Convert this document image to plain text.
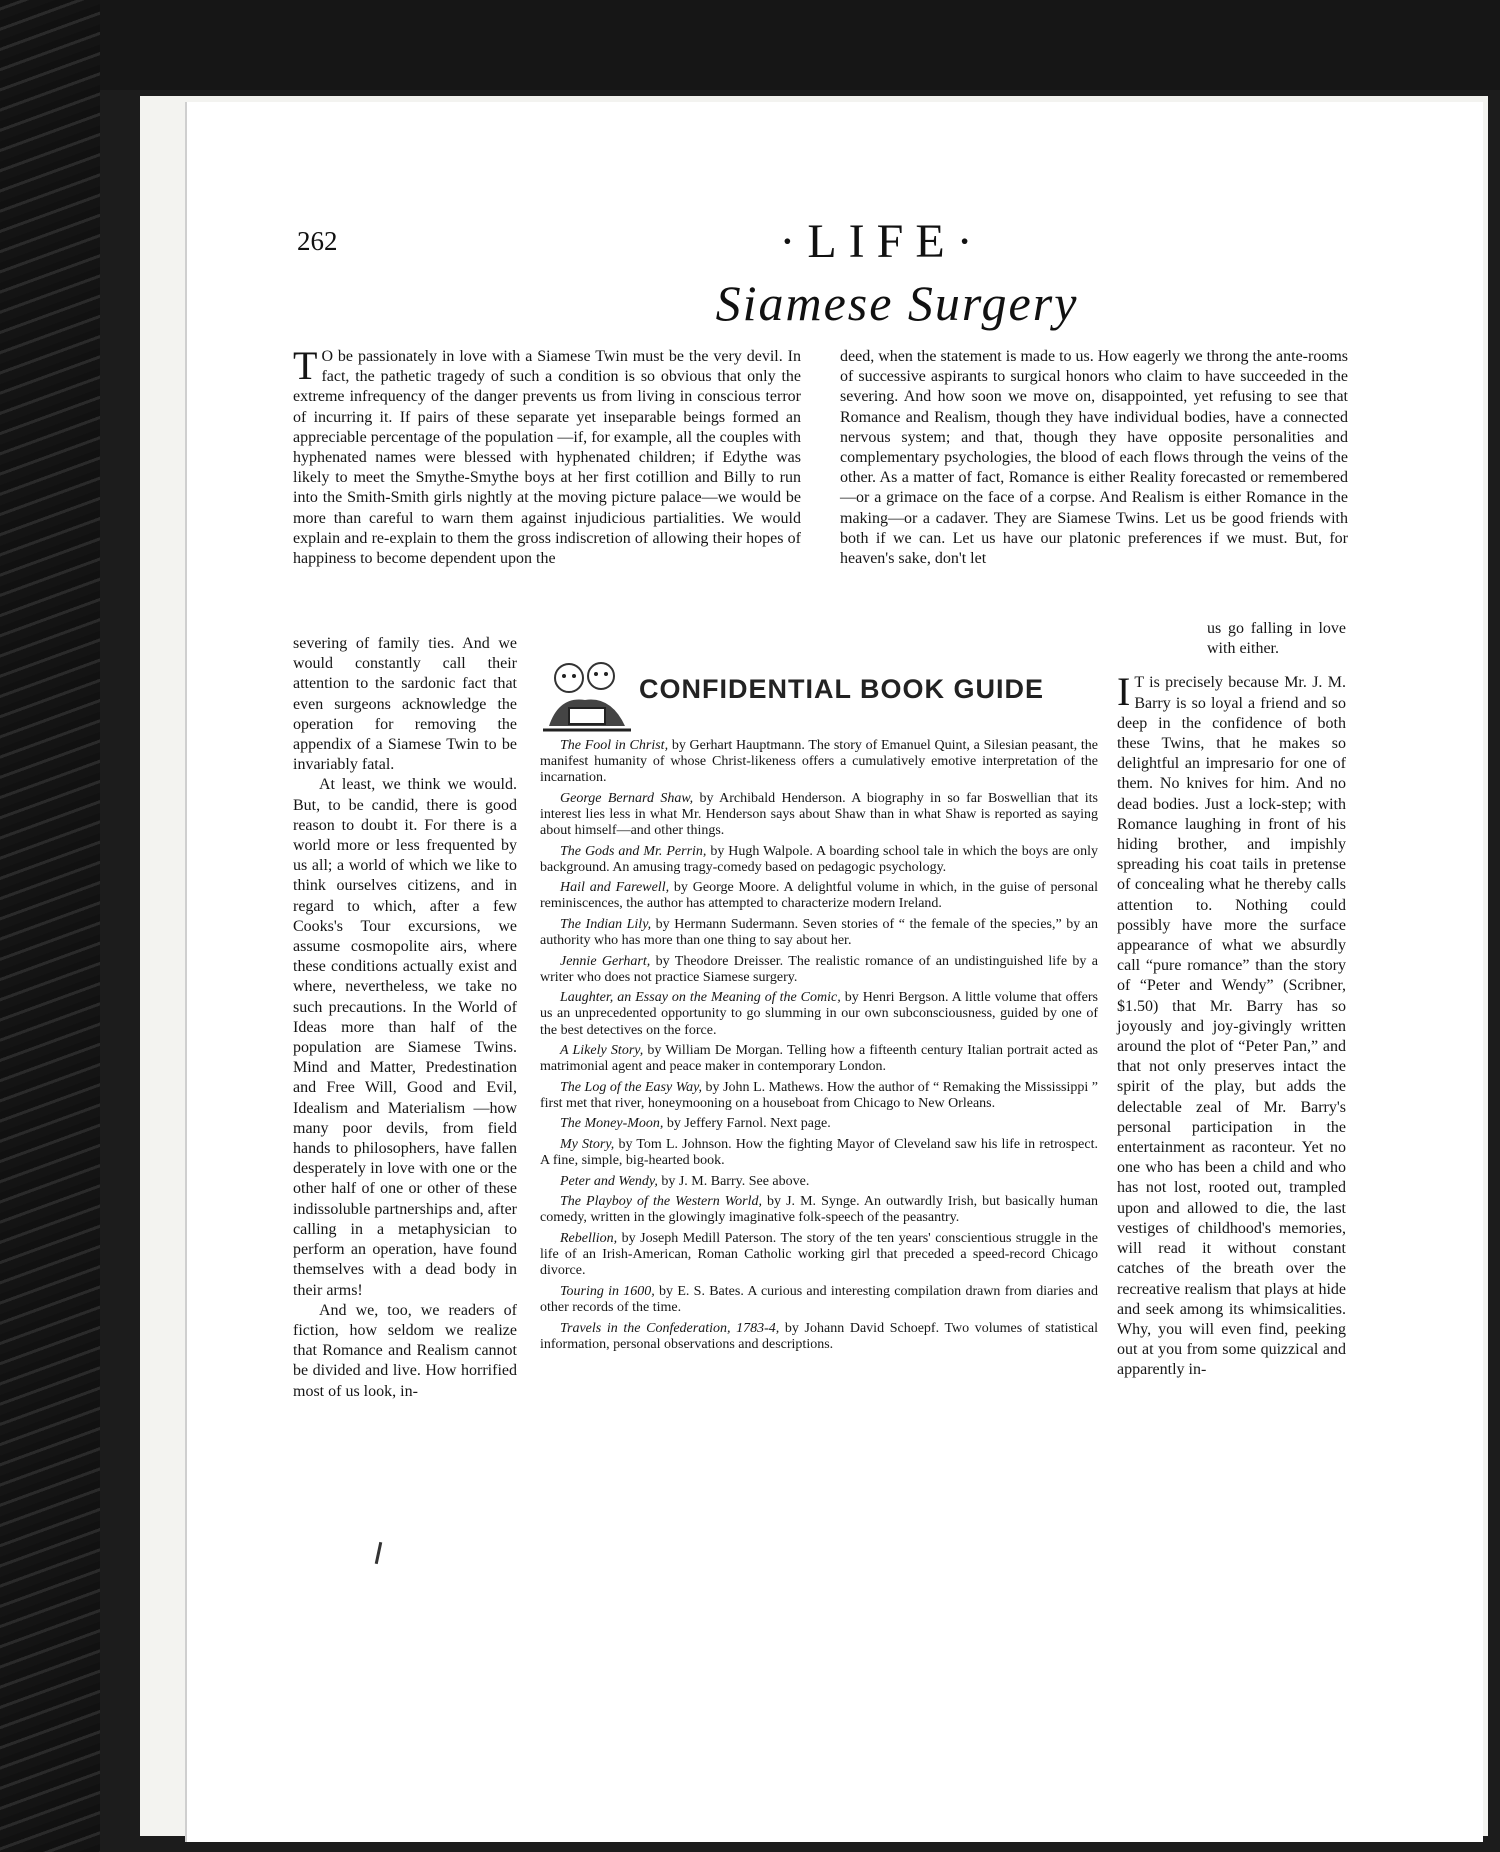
262	·LIFE·
Siamese Surgery

T O be passionately in love with a Siamese Twin must be the very devil. In fact, the pathetic tragedy of such a condition is so obvious that only the extreme infrequency of the danger prevents us from living in conscious terror of incurring it. If pairs of these separate yet inseparable beings formed an appreciable percentage of the population —if, for example, all the couples with hyphenated names were blessed with hyphenated children; if Edythe was likely to meet the Smythe-Smythe boys at her first cotillion and Billy to run into the Smith-Smith girls nightly at the moving picture palace—we would be more than careful to warn them against injudicious partialities. We would explain and re-explain to them the gross indiscretion of allowing their hopes of happiness to become dependent upon the

deed, when the statement is made to us. How eagerly we throng the ante-rooms of successive aspirants to surgical honors who claim to have succeeded in the severing. And how soon we move on, disappointed, yet refusing to see that Romance and Realism, though they have individual bodies, have a connected nervous system; and that, though they have opposite personalities and complementary psychologies, the blood of each flows through the veins of the other. As a matter of fact, Romance is either Reality forecasted or remembered—or a grimace on the face of a corpse. And Realism is either Romance in the making—or a cadaver. They are Siamese Twins. Let us be good friends with both if we can. Let us have our platonic preferences if we must. But, for heaven's sake, don't let

severing of family ties. And we would constantly call their attention to the sardonic fact that even surgeons acknowledge the operation for removing the appendix of a Siamese Twin to be invariably fatal.

At least, we think we would. But, to be candid, there is good reason to doubt it. For there is a world more or less frequented by us all; a world of which we like to think ourselves citizens, and in regard to which, after a few Cooks's Tour excursions, we assume cosmopolite airs, where these conditions actually exist and where, nevertheless, we take no such precautions. In the World of Ideas more than half of the population are Siamese Twins. Mind and Matter, Predestination and Free Will, Good and Evil, Idealism and Materialism —how many poor devils, from field hands to philosophers, have fallen desperately in love with one or the other half of one or other of these indissoluble partnerships and, after calling in a metaphysician to perform an operation, have found themselves with a dead body in their arms!

And we, too, we readers of fiction, how seldom we realize that Romance and Realism cannot be divided and live. How horrified most of us look, in-

us go falling in love with either.

I T is precisely because Mr. J. M. Barry is so loyal a friend and so deep in the confidence of both these Twins, that he makes so delightful an impresario for one of them. No knives for him. And no dead bodies. Just a lock-step; with Romance laughing in front of his hiding brother, and impishly spreading his coat tails in pretense of concealing what he thereby calls attention to. Nothing could possibly have more the surface appearance of what we absurdly call “pure romance” than the story of “Peter and Wendy” (Scribner, $1.50) that Mr. Barry has so joyously and joy-givingly written around the plot of “Peter Pan,” and that not only preserves intact the spirit of the play, but adds the delectable zeal of Mr. Barry's personal participation in the entertainment as raconteur. Yet no one who has been a child and who has not lost, rooted out, trampled upon and allowed to die, the last vestiges of childhood's memories, will read it without constant catches of the breath over the recreative realism that plays at hide and seek among its whimsicalities. Why, you will even find, peeking out at you from some quizzical and apparently in-

CONFIDENTIAL BOOK GUIDE

The Fool in Christ, by Gerhart Hauptmann. The story of Emanuel Quint, a Silesian peasant, the manifest humanity of whose Christ-likeness offers a cumulatively emotive interpretation of the incarnation.

George Bernard Shaw, by Archibald Henderson. A biography in so far Boswellian that its interest lies less in what Mr. Henderson says about Shaw than in what Shaw is reported as saying about himself—and other things.

The Gods and Mr. Perrin, by Hugh Walpole. A boarding school tale in which the boys are only background. An amusing tragy-comedy based on pedagogic psychology.

Hail and Farewell, by George Moore. A delightful volume in which, in the guise of personal reminiscences, the author has attempted to characterize modern Ireland.

The Indian Lily, by Hermann Sudermann. Seven stories of “ the female of the species,” by an authority who has more than one thing to say about her.

Jennie Gerhart, by Theodore Dreisser. The realistic romance of an undistinguished life by a writer who does not practice Siamese surgery.

Laughter, an Essay on the Meaning of the Comic, by Henri Bergson. A little volume that offers us an unprecedented opportunity to go slumming in our own subconsciousness, guided by one of the best detectives on the force.

A Likely Story, by William De Morgan. Telling how a fifteenth century Italian portrait acted as matrimonial agent and peace maker in contemporary London.

The Log of the Easy Way, by John L. Mathews. How the author of “ Remaking the Mississippi ” first met that river, honeymooning on a houseboat from Chicago to New Orleans.

The Money-Moon, by Jeffery Farnol. Next page.

My Story, by Tom L. Johnson. How the fighting Mayor of Cleveland saw his life in retrospect. A fine, simple, big-hearted book.

Peter and Wendy, by J. M. Barry. See above.

The Playboy of the Western World, by J. M. Synge. An outwardly Irish, but basically human comedy, written in the glowingly imaginative folk-speech of the peasantry.

Rebellion, by Joseph Medill Paterson. The story of the ten years' conscientious struggle in the life of an Irish-American, Roman Catholic working girl that preceded a speed-record Chicago divorce.

Touring in 1600, by E. S. Bates. A curious and interesting compilation drawn from diaries and other records of the time.

Travels in the Confederation, 1783-4, by Johann David Schoepf. Two volumes of statistical information, personal observations and descriptions.

comicbooks.com
